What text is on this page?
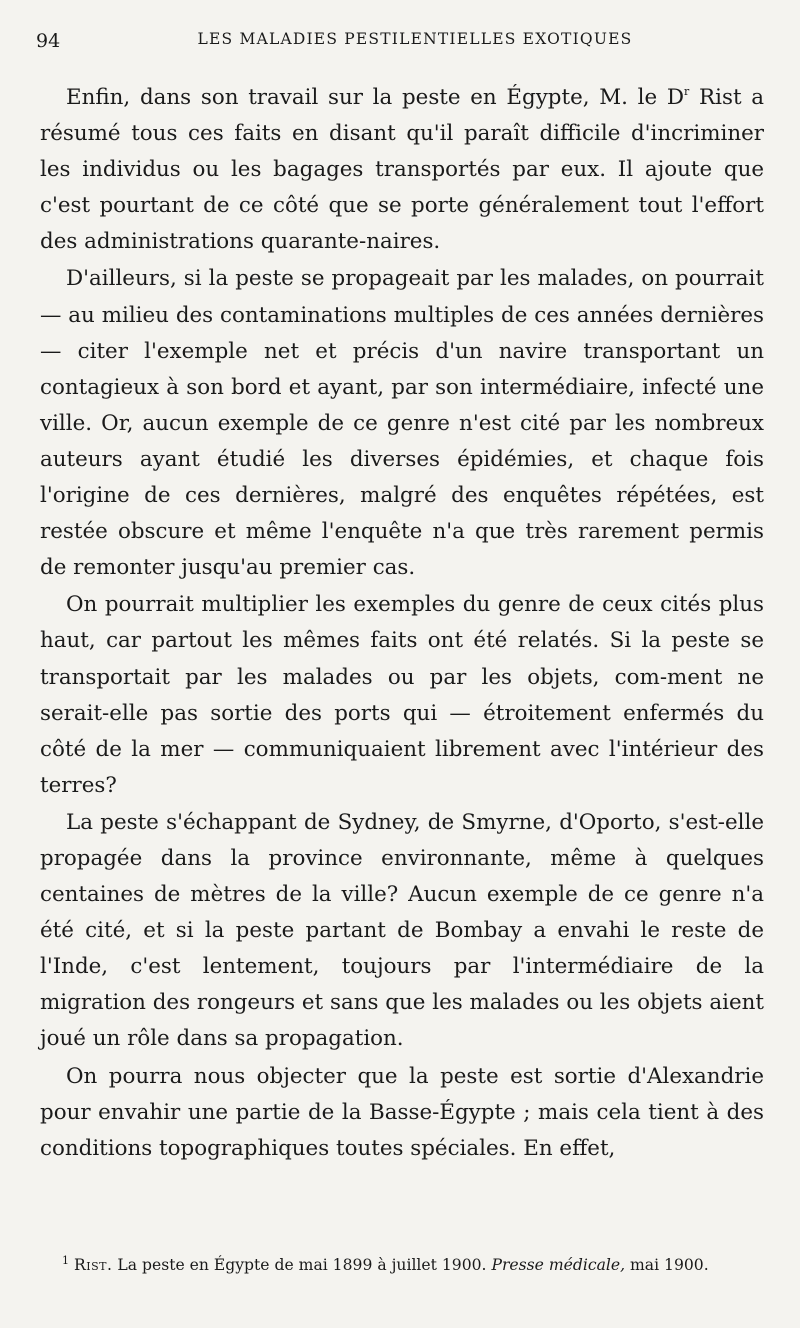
94	LES MALADIES PESTILENTIELLES EXOTIQUES

Enfin, dans son travail sur la peste en Égypte, M. le $D^r$ Rist a résumé tous ces faits en disant qu'il paraît difficile d'incriminer les individus ou les bagages transportés par eux. Il ajoute que c'est pourtant de ce côté que se porte généralement tout l'effort des administrations quarante-naires.

D'ailleurs, si la peste se propageait par les malades, on pourrait — au milieu des contaminations multiples de ces années dernières — citer l'exemple net et précis d'un navire transportant un contagieux à son bord et ayant, par son intermédiaire, infecté une ville. Or, aucun exemple de ce genre n'est cité par les nombreux auteurs ayant étudié les diverses épidémies, et chaque fois l'origine de ces dernières, malgré des enquêtes répétées, est restée obscure et même l'enquête n'a que très rarement permis de remonter jusqu'au premier cas.

On pourrait multiplier les exemples du genre de ceux cités plus haut, car partout les mêmes faits ont été relatés. Si la peste se transportait par les malades ou par les objets, com-ment ne serait-elle pas sortie des ports qui — étroitement enfermés du côté de la mer — communiquaient librement avec l'intérieur des terres?

La peste s'échappant de Sydney, de Smyrne, d'Oporto, s'est-elle propagée dans la province environnante, même à quelques centaines de mètres de la ville? Aucun exemple de ce genre n'a été cité, et si la peste partant de Bombay a envahi le reste de l'Inde, c'est lentement, toujours par l'intermédiaire de la migration des rongeurs et sans que les malades ou les objets aient joué un rôle dans sa propagation.

On pourra nous objecter que la peste est sortie d'Alexandrie pour envahir une partie de la Basse-Égypte ; mais cela tient à des conditions topographiques toutes spéciales. En effet,

$^1$ Rist. La peste en Égypte de mai 1899 à juillet 1900. Presse médicale, mai 1900.
